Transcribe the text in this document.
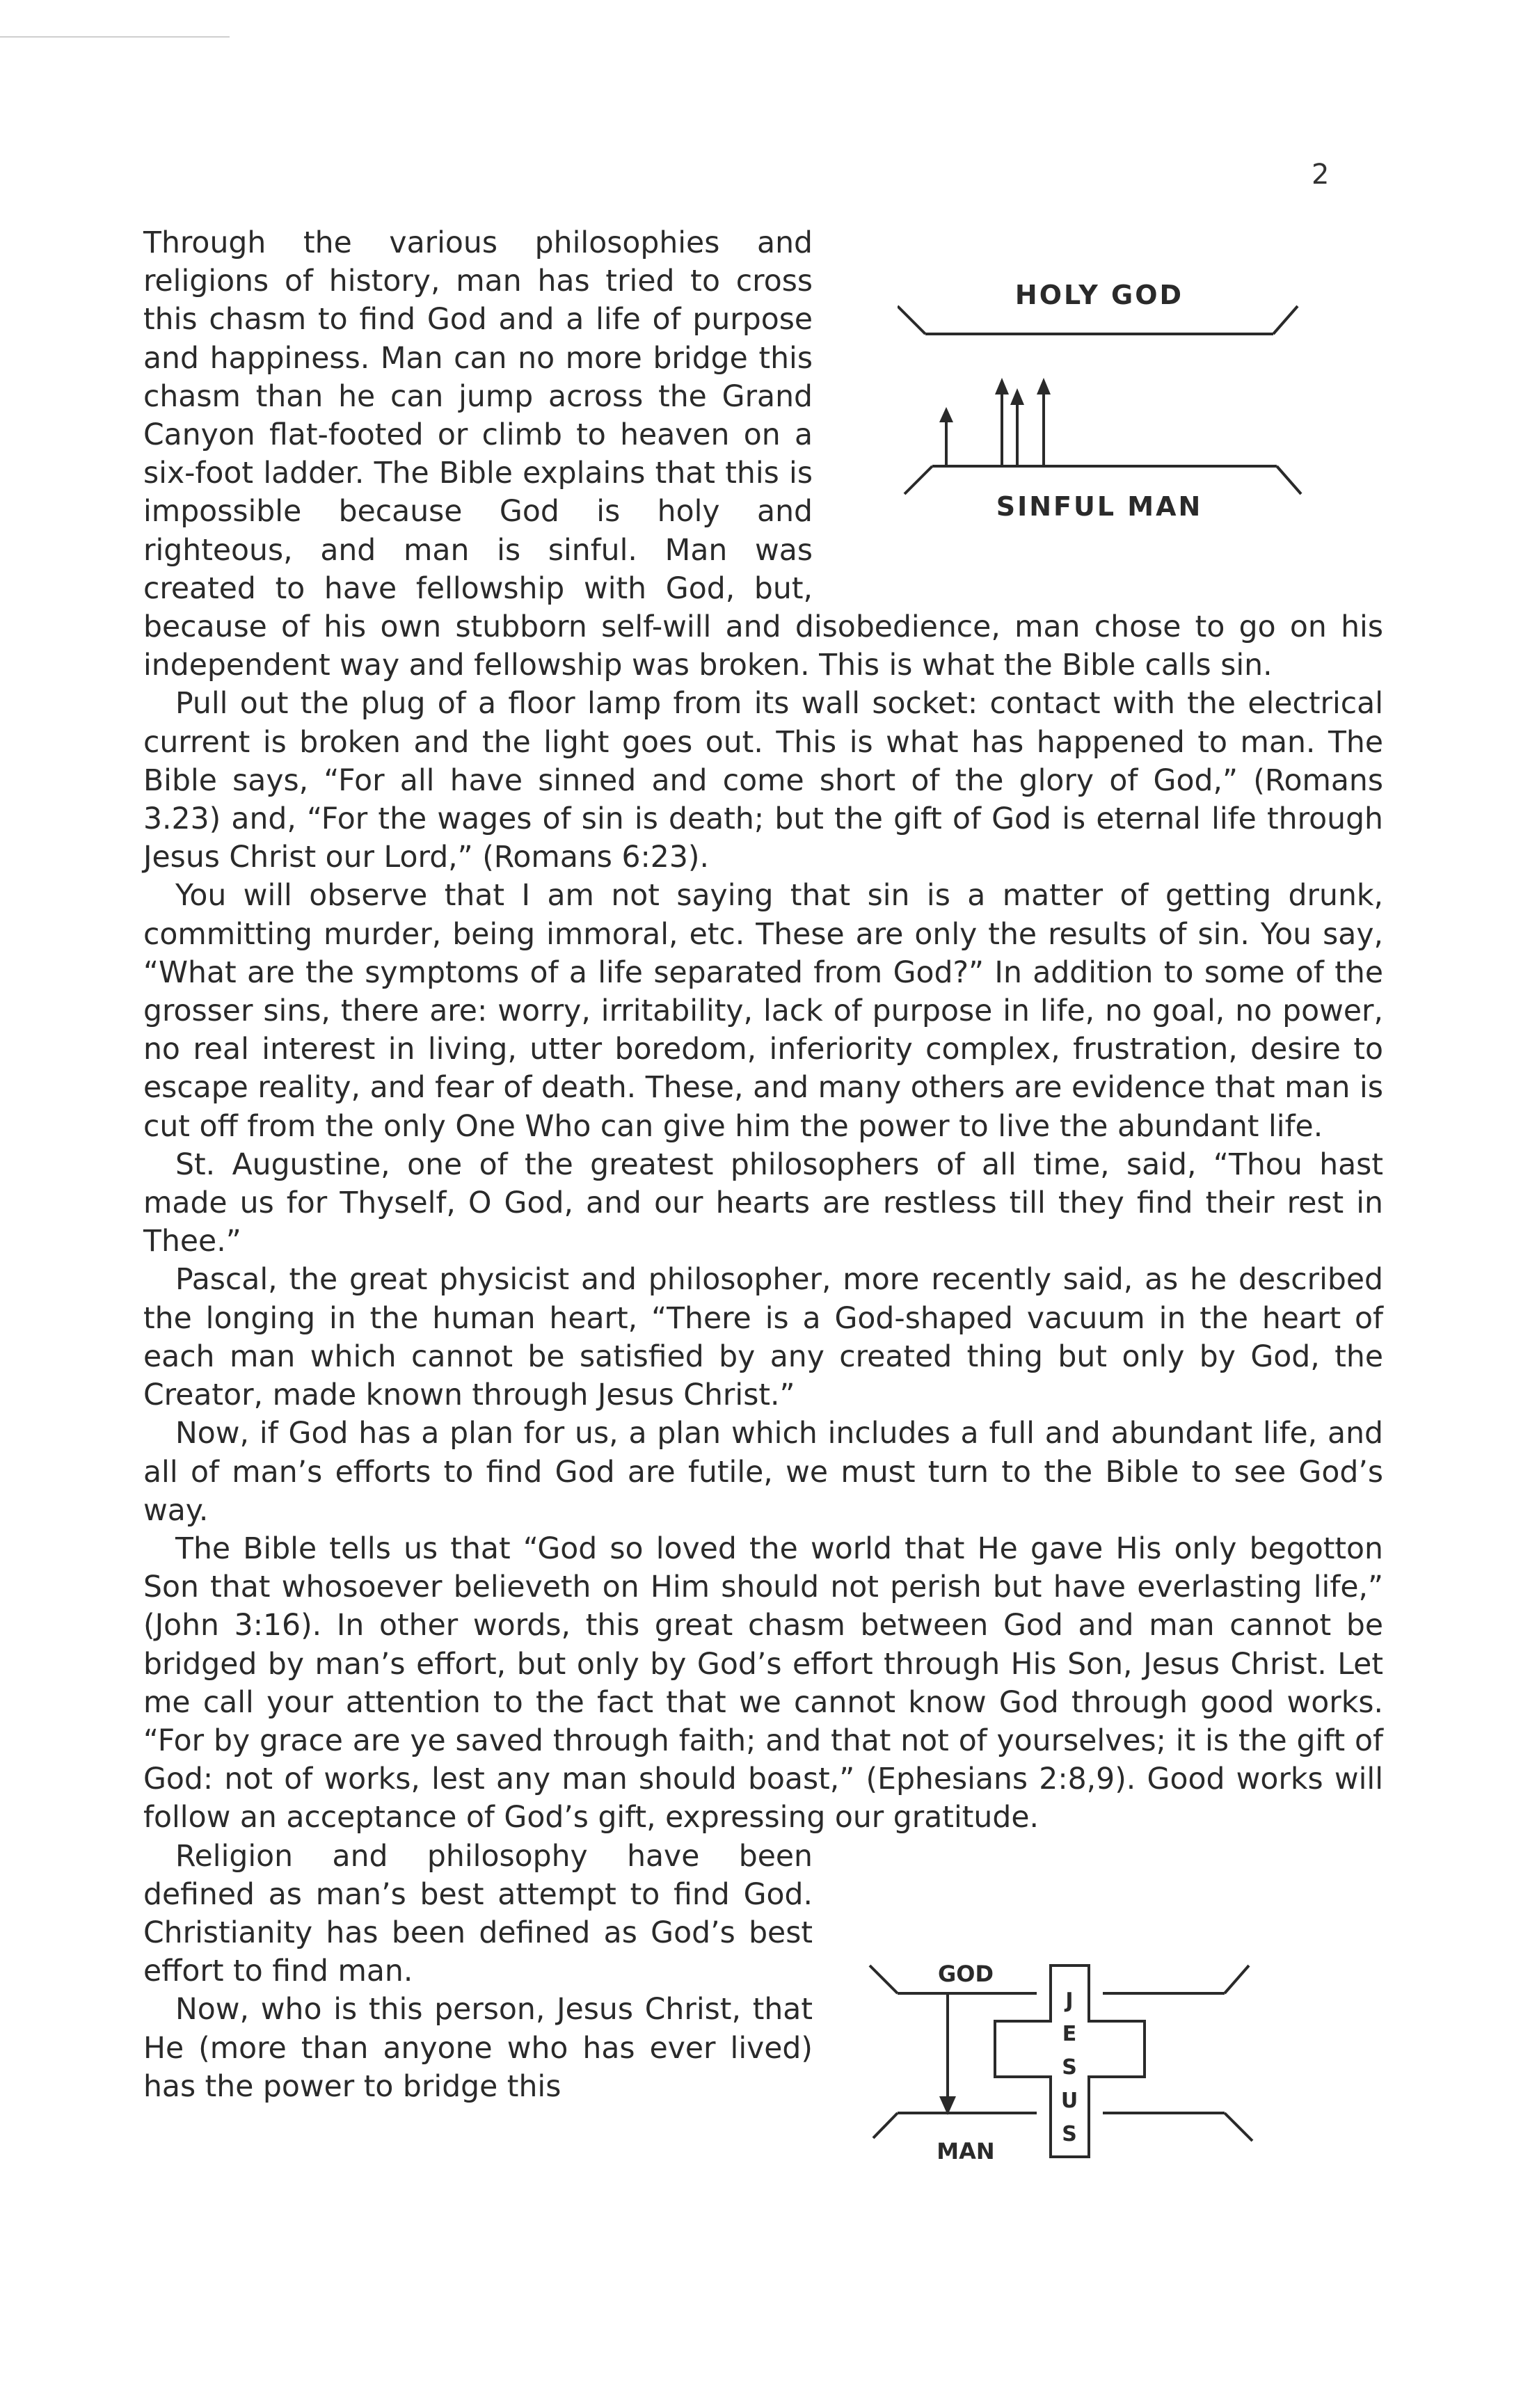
2
HOLY GOD
SINFUL MAN
GOD
MAN
J
E
S
U
S

Through the various philosophies and religions of history, man has tried to cross this chasm to find God and a life of purpose and happiness. Man can no more bridge this chasm than he can jump across the Grand Canyon flat-footed or climb to heaven on a six-foot ladder. The Bible explains that this is impossible because God is holy and righteous, and man is sinful. Man was created to have fellowship with God, but, because of his own stubborn self-will and disobedience, man chose to go on his independent way and fellowship was broken. This is what the Bible calls sin.

Pull out the plug of a floor lamp from its wall socket: contact with the electrical current is broken and the light goes out. This is what has happened to man. The Bible says, “For all have sinned and come short of the glory of God,” (Romans 3.23) and, “For the wages of sin is death; but the gift of God is eternal life through Jesus Christ our Lord,” (Romans 6:23).

You will observe that I am not saying that sin is a matter of getting drunk, committing murder, being immoral, etc. These are only the results of sin. You say, “What are the symptoms of a life separated from God?” In addition to some of the grosser sins, there are: worry, irritability, lack of purpose in life, no goal, no power, no real interest in living, utter boredom, inferiority complex, frustration, desire to escape reality, and fear of death. These, and many others are evidence that man is cut off from the only One Who can give him the power to live the abundant life.

St. Augustine, one of the greatest philosophers of all time, said, “Thou hast made us for Thyself, O God, and our hearts are restless till they find their rest in Thee.”

Pascal, the great physicist and philosopher, more recently said, as he described the longing in the human heart, “There is a God-shaped vacuum in the heart of each man which cannot be satisfied by any created thing but only by God, the Creator, made known through Jesus Christ.”

Now, if God has a plan for us, a plan which includes a full and abundant life, and all of man’s efforts to find God are futile, we must turn to the Bible to see God’s way.

The Bible tells us that “God so loved the world that He gave His only begotton Son that whosoever believeth on Him should not perish but have everlasting life,” (John 3:16). In other words, this great chasm between God and man cannot be bridged by man’s effort, but only by God’s effort through His Son, Jesus Christ. Let me call your attention to the fact that we cannot know God through good works. “For by grace are ye saved through faith; and that not of yourselves; it is the gift of God: not of works, lest any man should boast,” (Ephesians 2:8,9). Good works will follow an acceptance of God’s gift, expressing our gratitude.

Religion and philosophy have been defined as man’s best attempt to find God. Christianity has been defined as God’s best effort to find man.

Now, who is this person, Jesus Christ, that He (more than anyone who has ever lived) has the power to bridge this
